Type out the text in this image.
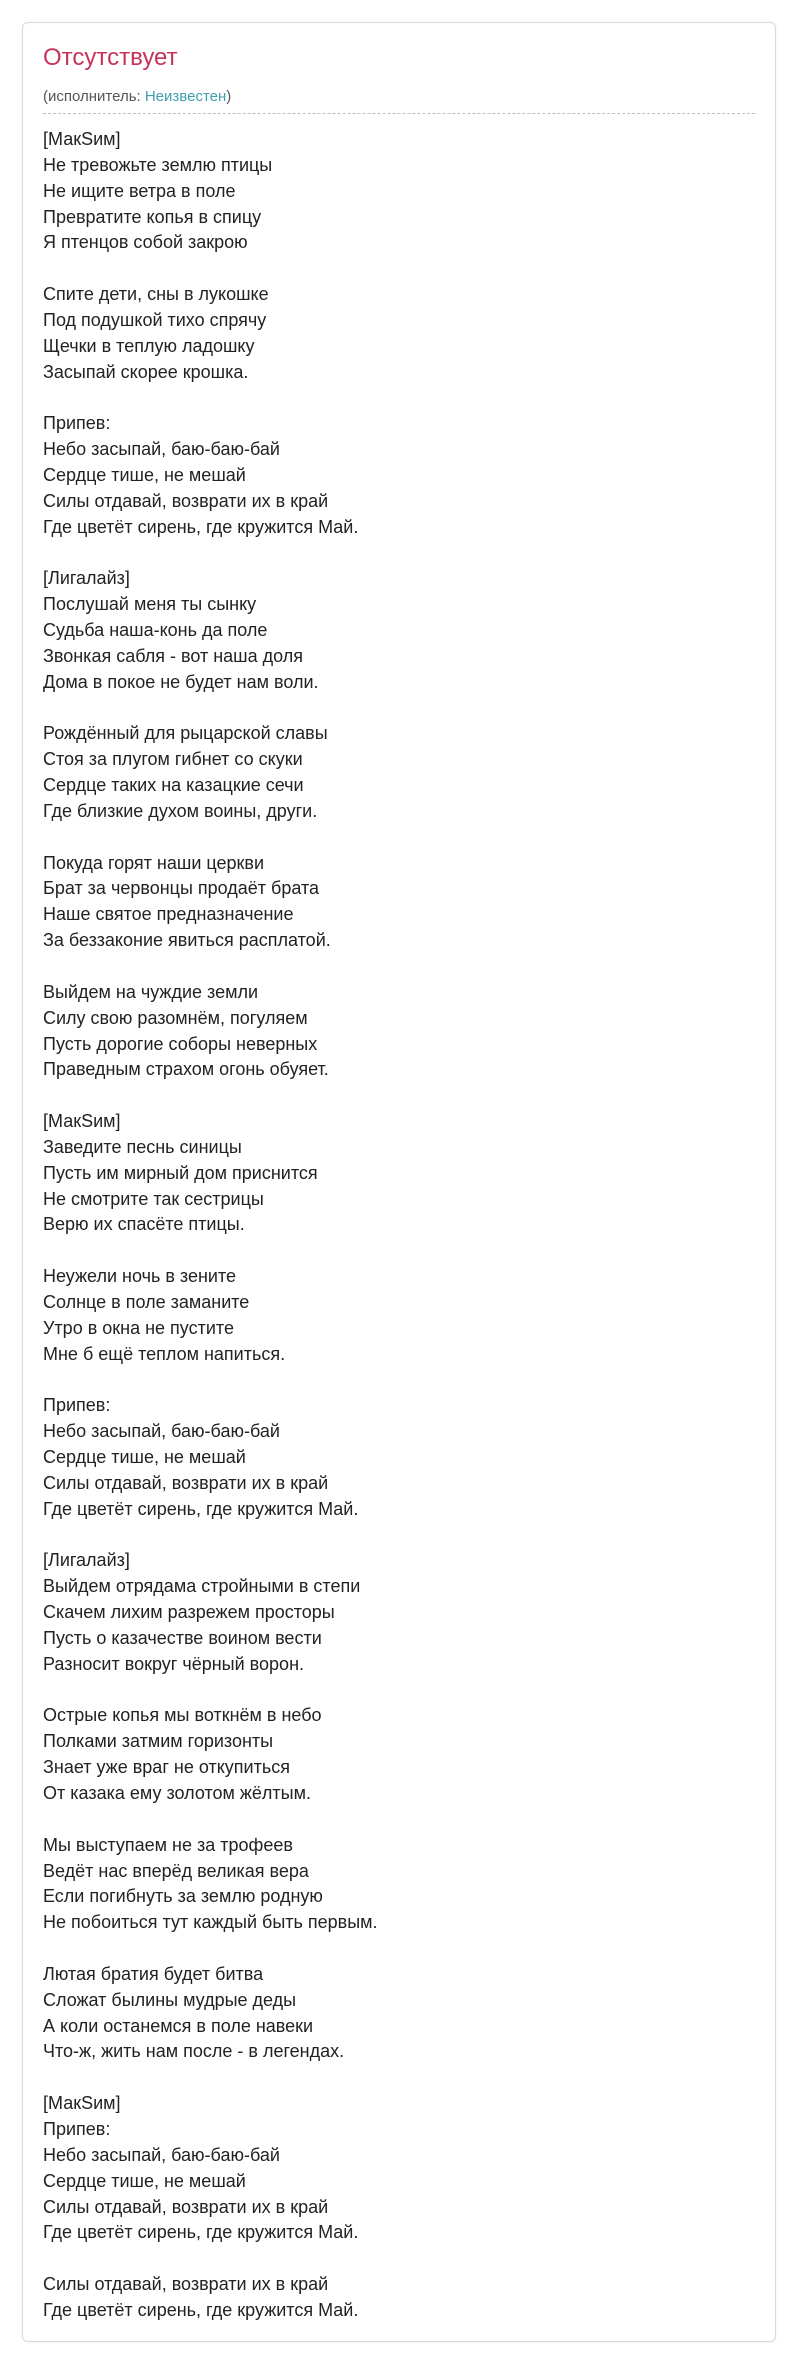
Отсутствует
(исполнитель: Неизвестен)
[МакSим]
Не тревожьте землю птицы
Не ищите ветра в поле
Превратите копья в спицу
Я птенцов собой закрою

Спите дети, сны в лукошке
Под подушкой тихо спрячу
Щечки в теплую ладошку
Засыпай скорее крошка.

Припев:
Небо засыпай, баю-баю-бай
Сердце тише, не мешай
Силы отдавай, возврати их в край
Где цветёт сирень, где кружится Май.

[Лигалайз]
Послушай меня ты сынку
Судьба наша-конь да поле
Звонкая сабля - вот наша доля
Дома в покое не будет нам воли.

Рождённый для рыцарской славы
Стоя за плугом гибнет со скуки
Сердце таких на казацкие сечи
Где близкие духом воины, други.

Покуда горят наши церкви
Брат за червонцы продаёт брата
Наше святое предназначение
За беззаконие явиться расплатой.

Выйдем на чуждие земли
Силу свою разомнём, погуляем
Пусть дорогие соборы неверных
Праведным страхом огонь обуяет.

[МакSим]
Заведите песнь синицы
Пусть им мирный дом приснится
Не смотрите так сестрицы
Верю их спасёте птицы.

Неужели ночь в зените
Солнце в поле заманите
Утро в окна не пустите
Мне б ещё теплом напиться.

Припев:
Небо засыпай, баю-баю-бай
Сердце тише, не мешай
Силы отдавай, возврати их в край
Где цветёт сирень, где кружится Май.

[Лигалайз]
Выйдем отрядама стройными в степи
Скачем лихим разрежем просторы
Пусть о казачестве воином вести
Разносит вокруг чёрный ворон.

Острые копья мы воткнём в небо
Полками затмим горизонты
Знает уже враг не откупиться
От казака ему золотом жёлтым.

Мы выступаем не за трофеев
Ведёт нас вперёд великая вера
Если погибнуть за землю родную
Не побоиться тут каждый быть первым.

Лютая братия будет битва
Сложат былины мудрые деды
А коли останемся в поле навеки
Что-ж, жить нам после - в легендах.

[МакSим]
Припев:
Небо засыпай, баю-баю-бай
Сердце тише, не мешай
Силы отдавай, возврати их в край
Где цветёт сирень, где кружится Май.

Силы отдавай, возврати их в край
Где цветёт сирень, где кружится Май.
